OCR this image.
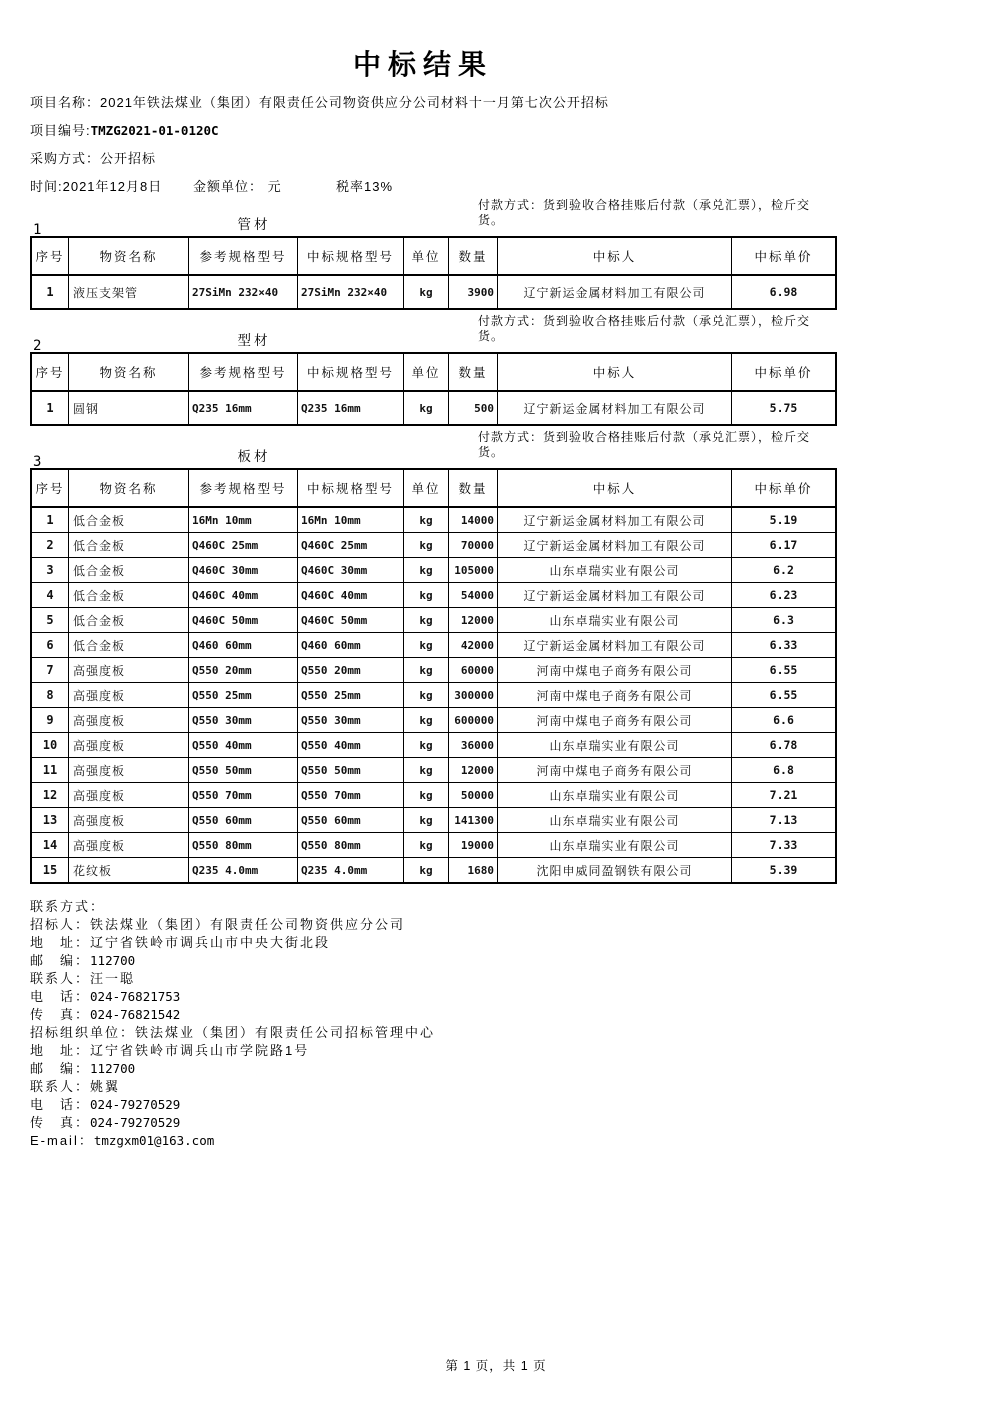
中标结果
项目名称：2021年铁法煤业（集团）有限责任公司物资供应分公司材料十一月第七次公开招标
项目编号:TMZG2021-01-0120C
采购方式：公开招标
时间:2021年12月8日 金额单位： 元	税率13%
1	管材
付款方式：货到验收合格挂账后付款（承兑汇票），检斤交货。
序号	物资名称	参考规格型号	中标规格型号	单位	数量	中标人	中标单价
1	液压支架管	27SiMn 232×40	27SiMn 232×40	kg	3900	辽宁新运金属材料加工有限公司	6.98
2	型材
付款方式：货到验收合格挂账后付款（承兑汇票），检斤交货。
序号	物资名称	参考规格型号	中标规格型号	单位	数量	中标人	中标单价
1	圆钢	Q235 16mm	Q235 16mm	kg	500	辽宁新运金属材料加工有限公司	5.75
3	板材
付款方式：货到验收合格挂账后付款（承兑汇票），检斤交货。
序号	物资名称	参考规格型号	中标规格型号	单位	数量	中标人	中标单价
1	低合金板	16Mn 10mm	16Mn 10mm	kg	14000	辽宁新运金属材料加工有限公司	5.19
2	低合金板	Q460C 25mm	Q460C 25mm	kg	70000	辽宁新运金属材料加工有限公司	6.17
3	低合金板	Q460C 30mm	Q460C 30mm	kg	105000	山东卓瑞实业有限公司	6.2
4	低合金板	Q460C 40mm	Q460C 40mm	kg	54000	辽宁新运金属材料加工有限公司	6.23
5	低合金板	Q460C 50mm	Q460C 50mm	kg	12000	山东卓瑞实业有限公司	6.3
6	低合金板	Q460 60mm	Q460 60mm	kg	42000	辽宁新运金属材料加工有限公司	6.33
7	高强度板	Q550 20mm	Q550 20mm	kg	60000	河南中煤电子商务有限公司	6.55
8	高强度板	Q550 25mm	Q550 25mm	kg	300000	河南中煤电子商务有限公司	6.55
9	高强度板	Q550 30mm	Q550 30mm	kg	600000	河南中煤电子商务有限公司	6.6
10	高强度板	Q550 40mm	Q550 40mm	kg	36000	山东卓瑞实业有限公司	6.78
11	高强度板	Q550 50mm	Q550 50mm	kg	12000	河南中煤电子商务有限公司	6.8
12	高强度板	Q550 70mm	Q550 70mm	kg	50000	山东卓瑞实业有限公司	7.21
13	高强度板	Q550 60mm	Q550 60mm	kg	141300	山东卓瑞实业有限公司	7.13
14	高强度板	Q550 80mm	Q550 80mm	kg	19000	山东卓瑞实业有限公司	7.33
15	花纹板	Q235 4.0mm	Q235 4.0mm	kg	1680	沈阳申威同盈钢铁有限公司	5.39
联系方式：
招标人：铁法煤业（集团）有限责任公司物资供应分公司
地　址：辽宁省铁岭市调兵山市中央大街北段
邮　编：112700
联系人：汪一聪
电　话：024-76821753
传　真：024-76821542
招标组织单位：铁法煤业（集团）有限责任公司招标管理中心
地　址：辽宁省铁岭市调兵山市学院路1号
邮　编：112700
联系人：姚翼
电　话：024-79270529
传　真：024-79270529
E-mail：tmzgxm01@163.com
第 1 页，共 1 页
